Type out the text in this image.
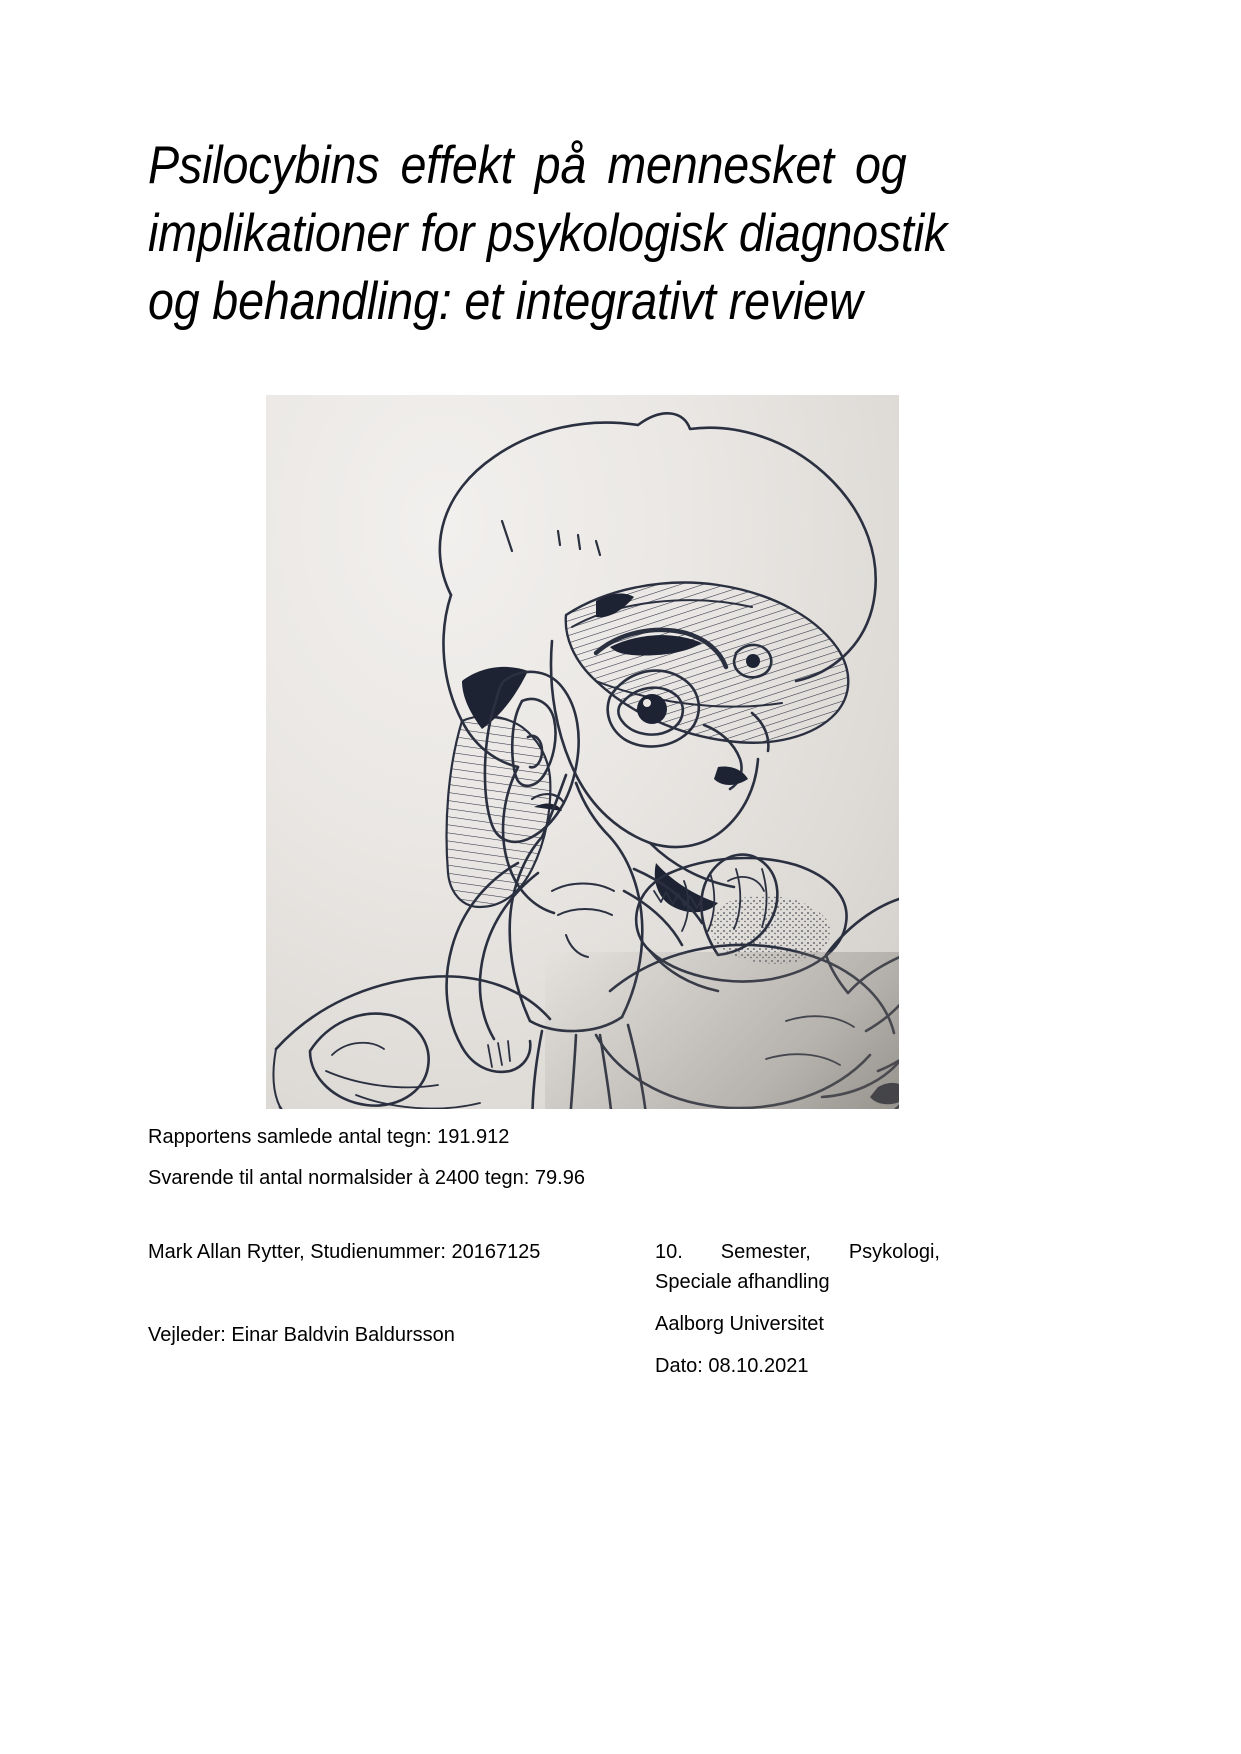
Psilocybins effekt på mennesket og
implikationer for psykologisk diagnostik
og behandling: et integrativt review
Rapportens samlede antal tegn: 191.912
Svarende til antal normalsider à 2400 tegn: 79.96
Mark Allan Rytter, Studienummer: 20167125
Vejleder: Einar Baldvin Baldursson
10. Semester, Psykologi,
Speciale afhandling
Aalborg Universitet
Dato: 08.10.2021
